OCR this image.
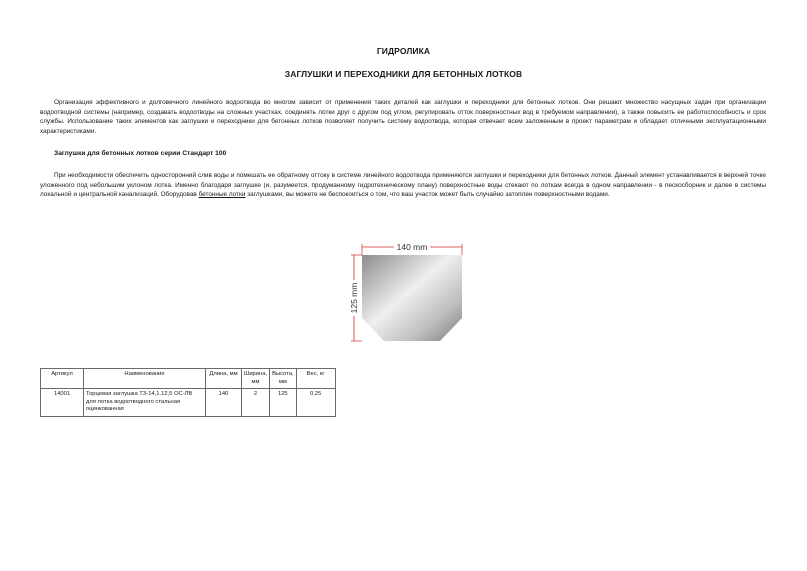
ГИДРОЛИКА
ЗАГЛУШКИ И ПЕРЕХОДНИКИ ДЛЯ БЕТОННЫХ ЛОТКОВ
Организация эффективного и долговечного линейного водоотвода во многом зависит от применения таких деталей как заглушки и переходники для бетонных лотков. Они решают множество насущных задач при организации водоотводной системы (например, создавать водоотводы на сложных участках, соединять лотки друг с другом под углом, регулировать отток поверхностных вод в требуемом направлении), а также повысить ее работоспособность и срок службы. Использование таких элементов как заглушки и переходники для бетонных лотков позволяет получить систему водоотвода, которая отвечает всем заложенным в проект параметрам и обладает отличными эксплуатационными характеристиками.
Заглушки для бетонных лотков серии Стандарт 100
При необходимости обеспечить односторонний слив воды и помешать ее обратному оттоку в системе линейного водоотвода применяются заглушки и переходники для бетонных лотков. Данный элемент устанавливается в верхней точке уложенного под небольшим уклоном лотка. Именно благодаря заглушке (и, разумеется, продуманному гидротехническому плану) поверхностные воды стекают по лоткам всегда в одном направлении - в пескосборник и далее в системы локальной и центральной канализаций. Оборудовав бетонные лотки заглушками, вы можете не беспокоиться о том, что ваш участок может быть случайно затоплен поверхностными водами.
140 mm
125 mm
Артикул	Наименование	Длина, мм	Ширина, мм	Высота, мм	Вес, кг
14001	Торцевая заглушка ТЗ-14,1.12,5 ОС-ЛВ для лотка водоотводного стальная оцинкованная	140	2	125	0,25
